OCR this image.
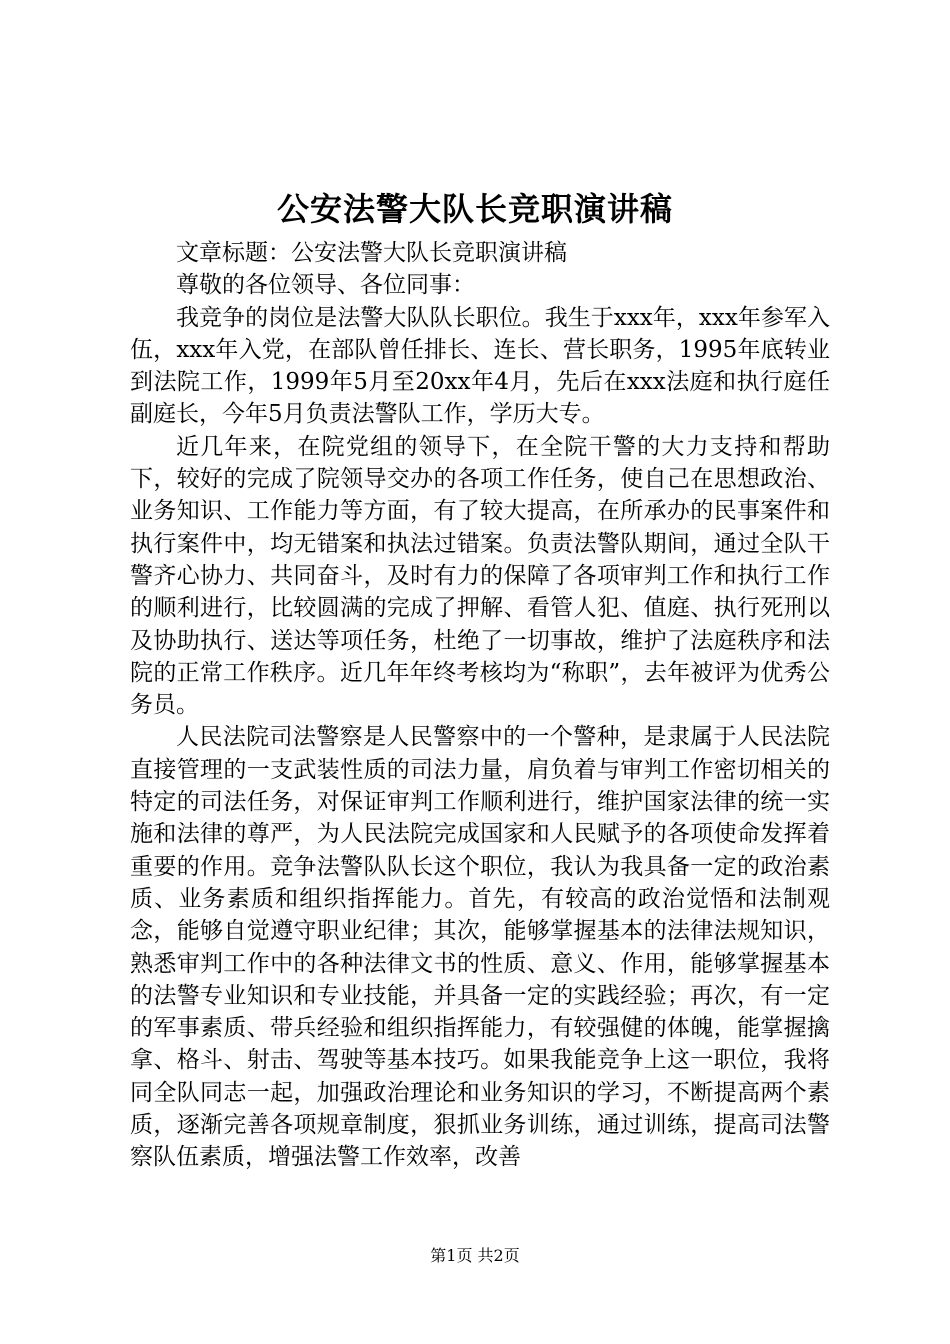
公安法警大队长竞职演讲稿

文章标题：公安法警大队长竞职演讲稿

尊敬的各位领导、各位同事：

我竞争的岗位是法警大队队长职位。我生于xxx年，xxx年参军入伍，xxx年入党，在部队曾任排长、连长、营长职务，1995年底转业到法院工作，1999年5月至20xx年4月，先后在xxx法庭和执行庭任副庭长，今年5月负责法警队工作，学历大专。

近几年来，在院党组的领导下，在全院干警的大力支持和帮助下，较好的完成了院领导交办的各项工作任务，使自己在思想政治、业务知识、工作能力等方面，有了较大提高，在所承办的民事案件和执行案件中，均无错案和执法过错案。负责法警队期间，通过全队干警齐心协力、共同奋斗，及时有力的保障了各项审判工作和执行工作的顺利进行，比较圆满的完成了押解、看管人犯、值庭、执行死刑以及协助执行、送达等项任务，杜绝了一切事故，维护了法庭秩序和法院的正常工作秩序。近几年年终考核均为“称职”，去年被评为优秀公务员。

人民法院司法警察是人民警察中的一个警种，是隶属于人民法院直接管理的一支武装性质的司法力量，肩负着与审判工作密切相关的特定的司法任务，对保证审判工作顺利进行，维护国家法律的统一实施和法律的尊严，为人民法院完成国家和人民赋予的各项使命发挥着重要的作用。竞争法警队队长这个职位，我认为我具备一定的政治素质、业务素质和组织指挥能力。首先，有较高的政治觉悟和法制观念，能够自觉遵守职业纪律；其次，能够掌握基本的法律法规知识，熟悉审判工作中的各种法律文书的性质、意义、作用，能够掌握基本的法警专业知识和专业技能，并具备一定的实践经验；再次，有一定的军事素质、带兵经验和组织指挥能力，有较强健的体魄，能掌握擒拿、格斗、射击、驾驶等基本技巧。如果我能竞争上这一职位，我将同全队同志一起，加强政治理论和业务知识的学习，不断提高两个素质，逐渐完善各项规章制度，狠抓业务训练，通过训练，提高司法警察队伍素质，增强法警工作效率，改善

第1页 共2页
